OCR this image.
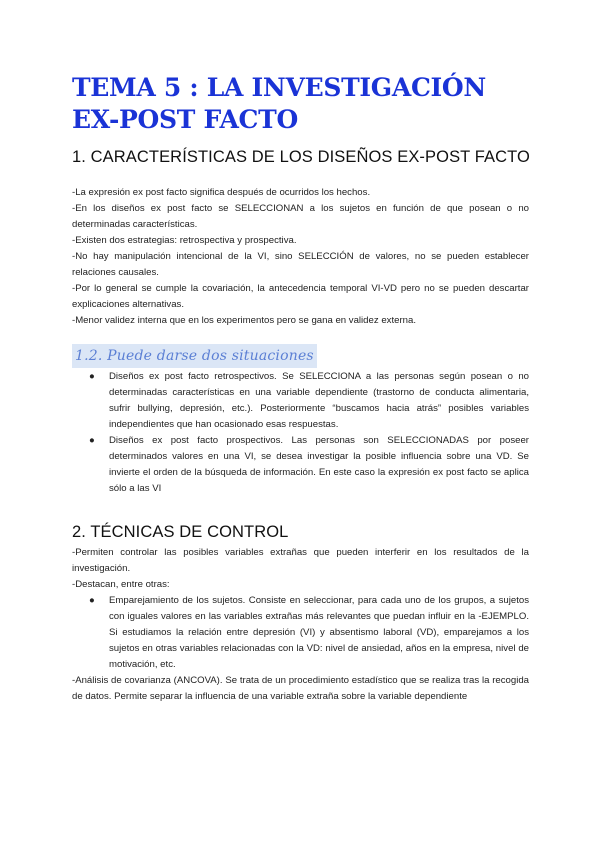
TEMA 5 : LA INVESTIGACIÓN
EX-POST FACTO
1. CARACTERÍSTICAS DE LOS DISEÑOS EX-POST FACTO

-La expresión ex post facto significa después de ocurridos los hechos.

-En los diseños ex post facto se SELECCIONAN a los sujetos en función de que posean o no determinadas características.

-Existen dos estrategias: retrospectiva y prospectiva.

-No hay manipulación intencional de la VI, sino SELECCIÓN de valores, no se pueden establecer relaciones causales.

-Por lo general se cumple la covariación, la antecedencia temporal VI-VD pero no se pueden descartar explicaciones alternativas.

-Menor validez interna que en los experimentos pero se gana en validez externa.

1.2. Puede darse dos situaciones
● Diseños ex post facto retrospectivos. Se SELECCIONA a las personas según posean o no determinadas características en una variable dependiente (trastorno de conducta alimentaria, sufrir bullying, depresión, etc.). Posteriormente “buscamos hacia atrás” posibles variables independientes que han ocasionado esas respuestas.
● Diseños ex post facto prospectivos. Las personas son SELECCIONADAS por poseer determinados valores en una VI, se desea investigar la posible influencia sobre una VD. Se invierte el orden de la búsqueda de información. En este caso la expresión ex post facto se aplica sólo a las VI
2. TÉCNICAS DE CONTROL

-Permiten controlar las posibles variables extrañas que pueden interferir en los resultados de la investigación.

-Destacan, entre otras:

● Emparejamiento de los sujetos. Consiste en seleccionar, para cada uno de los grupos, a sujetos con iguales valores en las variables extrañas más relevantes que puedan influir en la -EJEMPLO. Si estudiamos la relación entre depresión (VI) y absentismo laboral (VD), emparejamos a los sujetos en otras variables relacionadas con la VD: nivel de ansiedad, años en la empresa, nivel de motivación, etc.

-Análisis de covarianza (ANCOVA). Se trata de un procedimiento estadístico que se realiza tras la recogida de datos. Permite separar la influencia de una variable extraña sobre la variable dependiente
